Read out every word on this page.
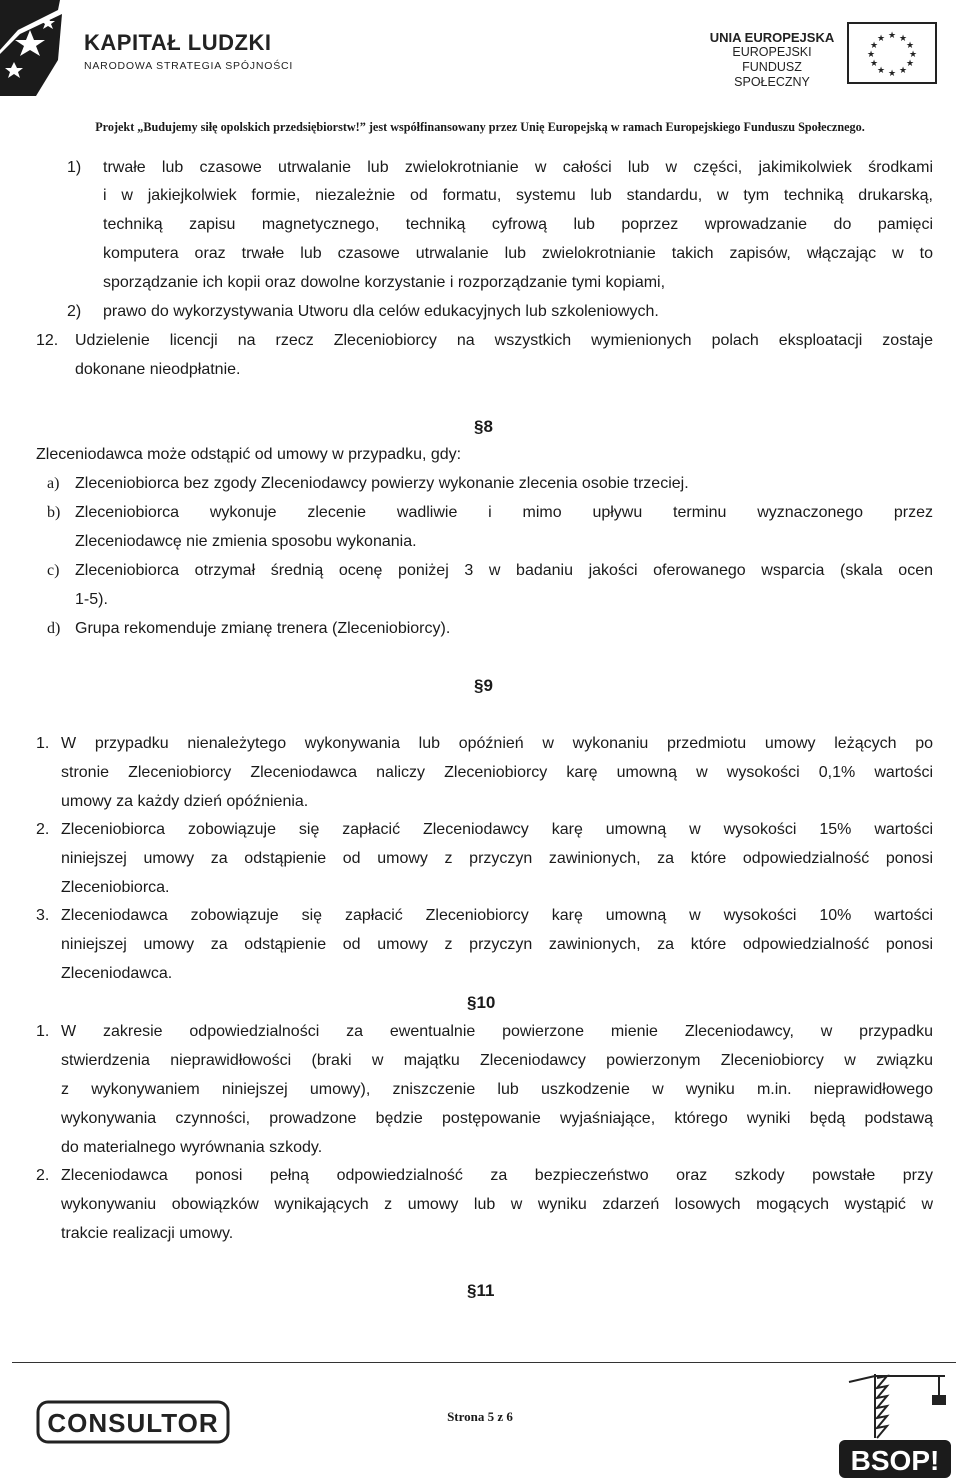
KAPITAŁ LUDZKI
NARODOWA STRATEGIA SPÓJNOŚCI
UNIA EUROPEJSKA
EUROPEJSKI
FUNDUSZ SPOŁECZNY
★ ★
★
★
★
★
★
★
★
★
★
★
Projekt „Budujemy siłę opolskich przedsiębiorstw!” jest współfinansowany przez Unię Europejską w ramach Europejskiego Funduszu Społecznego.
1) trwałe lub czasowe utrwalanie lub zwielokrotnianie w całości lub w części, jakimikolwiek środkami
i w jakiejkolwiek formie, niezależnie od formatu, systemu lub standardu, w tym techniką drukarską,
techniką zapisu magnetycznego, techniką cyfrową lub poprzez wprowadzanie do pamięci
komputera oraz trwałe lub czasowe utrwalanie lub zwielokrotnianie takich zapisów, włączając w to
sporządzanie ich kopii oraz dowolne korzystanie i rozporządzanie tymi kopiami,
2) prawo do wykorzystywania Utworu dla celów edukacyjnych lub szkoleniowych.
12. Udzielenie licencji na rzecz Zleceniobiorcy na wszystkich wymienionych polach eksploatacji zostaje
dokonane nieodpłatnie.
§8
Zleceniodawca może odstąpić od umowy w przypadku, gdy:
a) Zleceniobiorca bez zgody Zleceniodawcy powierzy wykonanie zlecenia osobie trzeciej.
b) Zleceniobiorca wykonuje zlecenie wadliwie i mimo upływu terminu wyznaczonego przez
Zleceniodawcę nie zmienia sposobu wykonania.
c) Zleceniobiorca otrzymał średnią ocenę poniżej 3 w badaniu jakości oferowanego wsparcia (skala ocen
1-5).
d) Grupa rekomenduje zmianę trenera (Zleceniobiorcy).
§9
1. W przypadku nienależytego wykonywania lub opóźnień w wykonaniu przedmiotu umowy leżących po
stronie Zleceniobiorcy Zleceniodawca naliczy Zleceniobiorcy karę umowną w wysokości 0,1% wartości
umowy za każdy dzień opóźnienia.
2. Zleceniobiorca zobowiązuje się zapłacić Zleceniodawcy karę umowną w wysokości 15% wartości
niniejszej umowy za odstąpienie od umowy z przyczyn zawinionych, za które odpowiedzialność ponosi
Zleceniobiorca.
3. Zleceniodawca zobowiązuje się zapłacić Zleceniobiorcy karę umowną w wysokości 10% wartości
niniejszej umowy za odstąpienie od umowy z przyczyn zawinionych, za które odpowiedzialność ponosi
Zleceniodawca.
§10
1. W zakresie odpowiedzialności za ewentualnie powierzone mienie Zleceniodawcy, w przypadku
stwierdzenia nieprawidłowości (braki w majątku Zleceniodawcy powierzonym Zleceniobiorcy w związku
z wykonywaniem niniejszej umowy), zniszczenie lub uszkodzenie w wyniku m.in. nieprawidłowego
wykonywania czynności, prowadzone będzie postępowanie wyjaśniające, którego wyniki będą podstawą
do materialnego wyrównania szkody.
2. Zleceniodawca ponosi pełną odpowiedzialność za bezpieczeństwo oraz szkody powstałe przy
wykonywaniu obowiązków wynikających z umowy lub w wyniku zdarzeń losowych mogących wystąpić w
trakcie realizacji umowy.
§11
CONSULTOR	Strona 5 z 6
BSOP!
